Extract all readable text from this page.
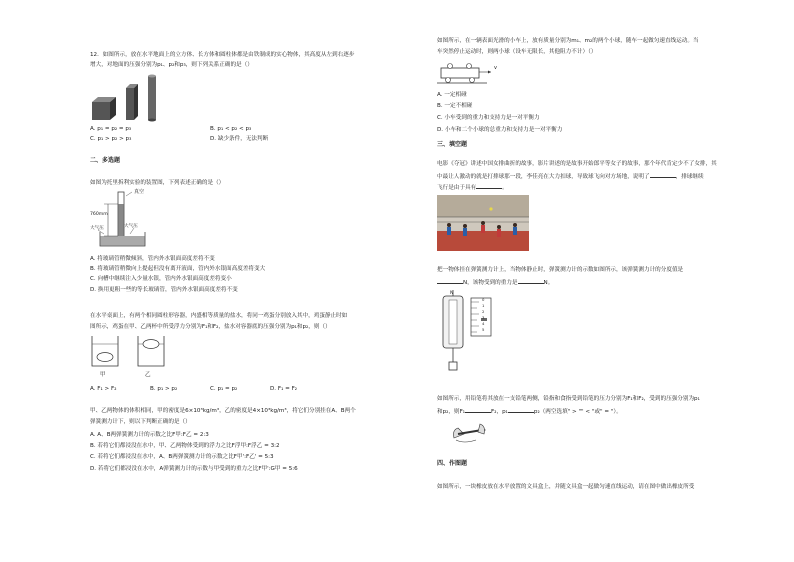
12．如图所示，放在水平地面上的立方体、长方体和圆柱体都是由铁制成的实心物体，其高度从左到右逐步
增大，对地面的压强分别为p₁、p₂和p₃，则下列关系正确的是（）
A. p₁ = p₂ = p₃	B. p₁ < p₂ < p₃
C. p₁ > p₂ > p₃	D. 缺少条件，无法判断
二、多选题
如图为托里拆利实验的装置图，下列表述正确的是（）
真空
760mm
大气压	大气压
A. 将玻璃管稍微倾斜，管内外水银面高度差将不变
B. 将玻璃管稍微向上提起但没有离开液面，管内外水银面高度差将变大
C. 向槽中继续注入少量水银，管内外水银面高度差将变小
D. 换用更粗一些的等长玻璃管，管内外水银面高度差将不变
在水平桌面上，有两个相同圆柱形容器，内盛相等质量的盐水，将同一鸡蛋分别放入其中，鸡蛋静止时如
图所示，鸡蛋在甲、乙两杯中所受浮力分别为F₁和F₂，盐水对容器底的压强分别为p₁和p₂，则（）
甲	乙
A. F₁ > F₂	B. p₁ > p₂	C. p₁ = p₂	D. F₁ = F₂
甲、乙两物体的体积相同，甲的密度是6×10³kg/m³，乙的密度是4×10³kg/m³，将它们分别挂在A、B两个
弹簧测力计下，则以下判断正确的是（）
A. A、B两弹簧测力计的示数之比F甲:F乙 = 2:3
B. 若将它们都浸没在水中，甲、乙两物体受到的浮力之比F浮甲:F浮乙 = 3:2
C. 若将它们都浸没在水中，A、B两弹簧测力计的示数之比F甲':F乙' = 5:3
D. 若将它们都浸没在水中，A弹簧测力计的示数与甲受到的重力之比F甲':G甲 = 5:6
如图所示，在一辆表面光滑的小车上，放有质量分别为m₁、m₂的两个小球，随车一起做匀速直线运动。当
车突然停止运动时，则两小球（设车无限长，其他阻力不计）（）
v
A. 一定相碰
B. 一定不相碰
C. 小车受到的重力和支持力是一对平衡力
D. 小车和二个小球的总重力和支持力是一对平衡力
三、填空题
电影《夺冠》讲述中国女排曲折的故事，影片讲述的是故事开始郎平等女子的故事，那个年代肯定少不了女排，其
中最让人激动的就是打排球那一段，李佳亮在大力扣球，导致球飞向对方场地，说明了	，排球继续
飞行是由于具有	。
把一物体挂在弹簧测力计上，当物体静止时，弹簧测力计的示数如图所示，该弹簧测力计的分度值是
N，该物受到的重力是	N。
N
0
1
2
3
4
5
如图所示，用铅笔将其放在一支铅笔两侧，铅指和食指受到铅笔的压力分别为F₁和F₂，受到的压强分别为p₁
和p₂，则F₁	F₂，p₁	p₂（两空选填" > "" < "或" = "）。
四、作图题
如图所示，一块橡皮放在水平放置的文具盒上，并随文具盒一起做匀速直线运动，请在图中做出橡皮所受
